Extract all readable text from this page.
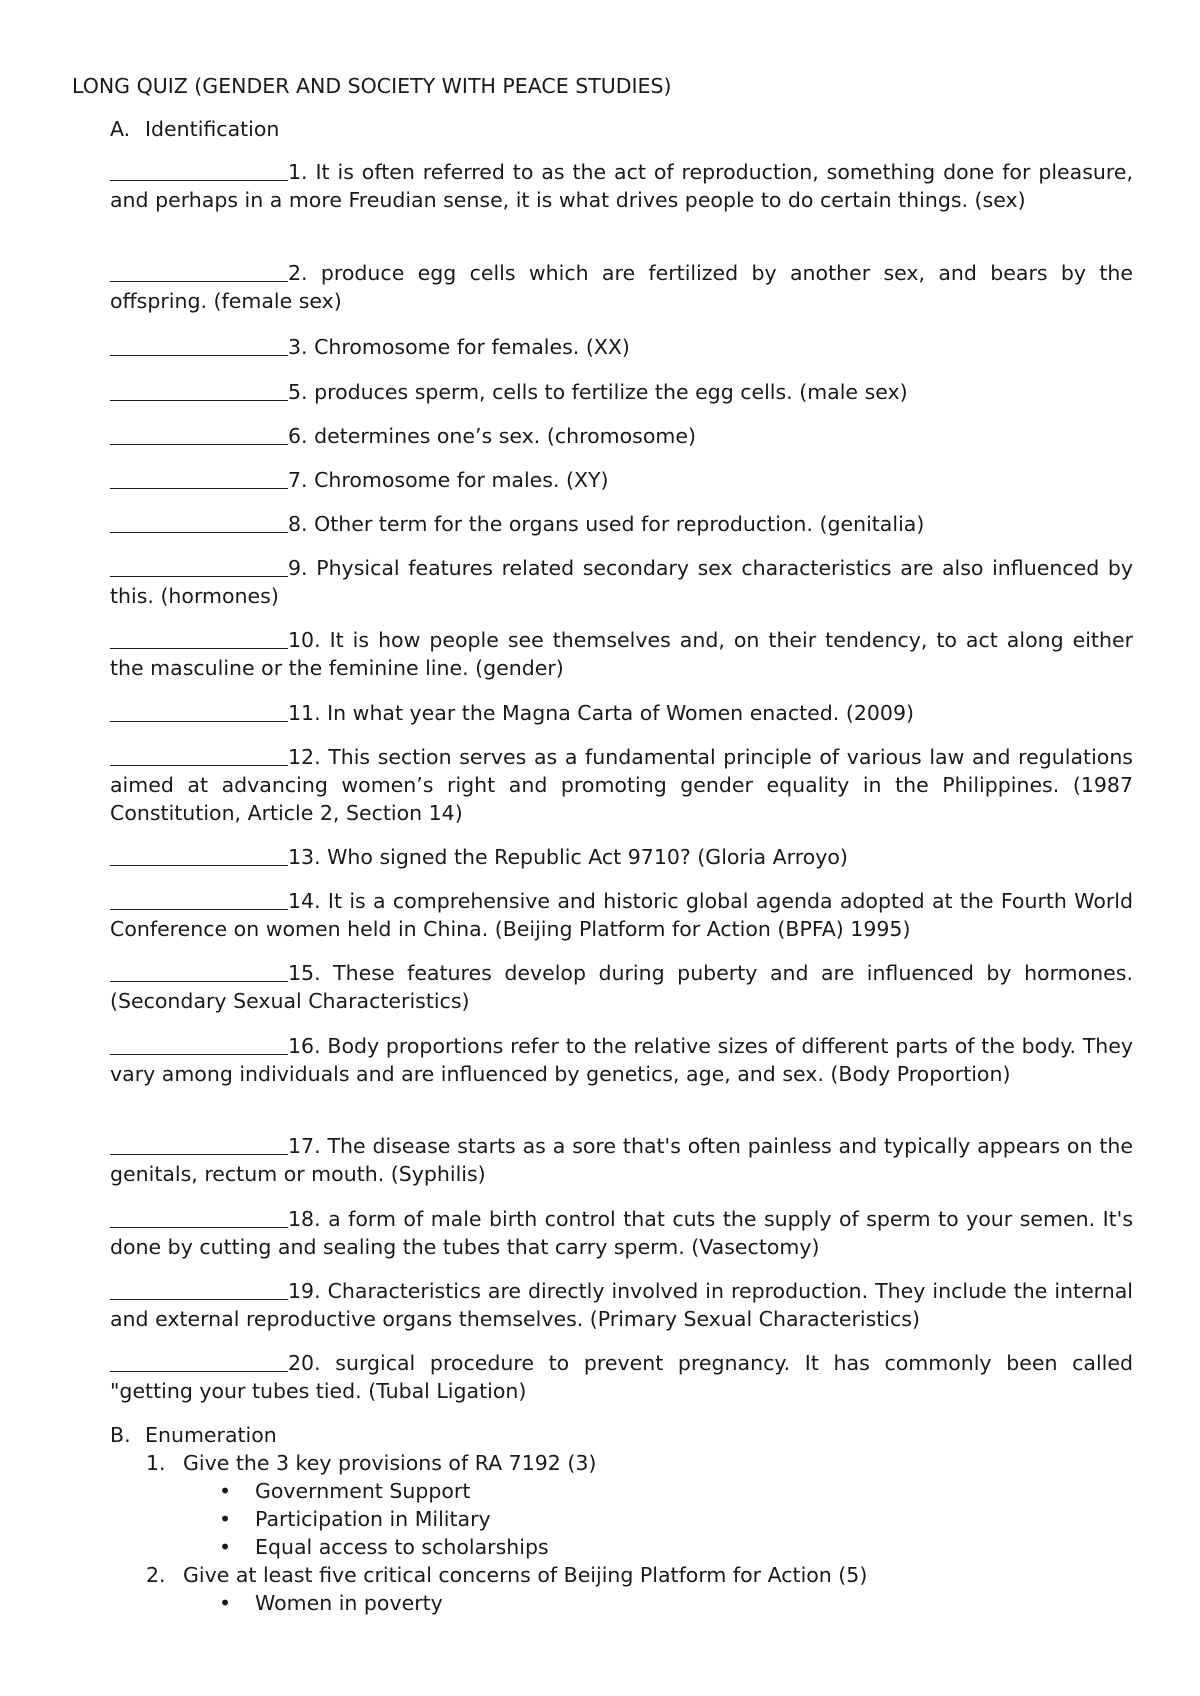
LONG QUIZ (GENDER AND SOCIETY WITH PEACE STUDIES)
A. Identification
1. It is often referred to as the act of reproduction, something done for pleasure, and perhaps in a more Freudian sense, it is what drives people to do certain things. (sex)
2. produce egg cells which are fertilized by another sex, and bears by the offspring. (female sex)
3. Chromosome for females. (XX)
5. produces sperm, cells to fertilize the egg cells. (male sex)
6. determines one’s sex. (chromosome)
7. Chromosome for males. (XY)
8. Other term for the organs used for reproduction. (genitalia)
9. Physical features related secondary sex characteristics are also influenced by this. (hormones)
10. It is how people see themselves and, on their tendency, to act along either the masculine or the feminine line. (gender)
11. In what year the Magna Carta of Women enacted. (2009)
12. This section serves as a fundamental principle of various law and regulations aimed at advancing women’s right and promoting gender equality in the Philippines. (1987 Constitution, Article 2, Section 14)
13. Who signed the Republic Act 9710? (Gloria Arroyo)
14. It is a comprehensive and historic global agenda adopted at the Fourth World Conference on women held in China. (Beijing Platform for Action (BPFA) 1995)
15. These features develop during puberty and are influenced by hormones. (Secondary Sexual Characteristics)
16. Body proportions refer to the relative sizes of different parts of the body. They vary among individuals and are influenced by genetics, age, and sex. (Body Proportion)
17. The disease starts as a sore that's often painless and typically appears on the genitals, rectum or mouth. (Syphilis)
18. a form of male birth control that cuts the supply of sperm to your semen. It's done by cutting and sealing the tubes that carry sperm. (Vasectomy)
19. Characteristics are directly involved in reproduction. They include the internal and external reproductive organs themselves. (Primary Sexual Characteristics)
20. surgical procedure to prevent pregnancy. It has commonly been called "getting your tubes tied. (Tubal Ligation)
B. Enumeration
1. Give the 3 key provisions of RA 7192 (3)
• Government Support
• Participation in Military
• Equal access to scholarships
2. Give at least five critical concerns of Beijing Platform for Action (5)
• Women in poverty
